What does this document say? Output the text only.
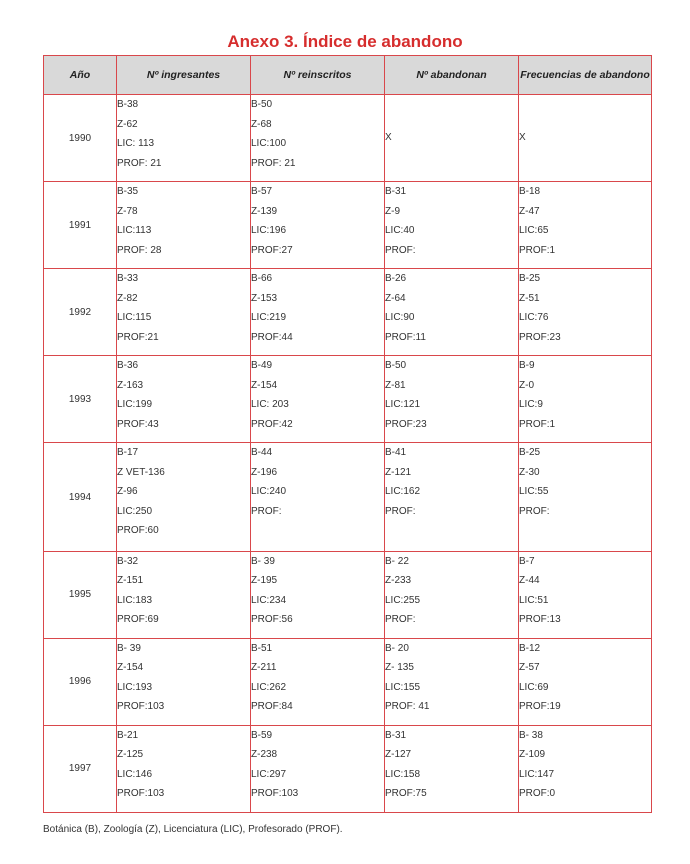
Anexo 3. Índice de abandono
Año	Nº ingresantes	Nº reinscritos	Nº abandonan	Frecuencias de abandono
1990	B-38
Z-62
LIC: 113
PROF: 21	B-50
Z-68
LIC:100
PROF: 21	X	X

1991	B-35
Z-78
LIC:113
PROF: 28	B-57
Z-139
LIC:196
PROF:27	B-31
Z-9
LIC:40
PROF:	B-18
Z-47
LIC:65
PROF:1

1992	B-33
Z-82
LIC:115
PROF:21	B-66
Z-153
LIC:219
PROF:44	B-26
Z-64
LIC:90
PROF:11	B-25
Z-51
LIC:76
PROF:23

1993	B-36
Z-163
LIC:199
PROF:43	B-49
Z-154
LIC: 203
PROF:42	B-50
Z-81
LIC:121
PROF:23	B-9
Z-0
LIC:9
PROF:1

1994	B-17
Z VET-136
Z-96
LIC:250
PROF:60	B-44
Z-196
LIC:240
PROF:	B-41
Z-121
LIC:162
PROF:	B-25
Z-30
LIC:55
PROF:

1995	B-32
Z-151
LIC:183
PROF:69	B- 39
Z-195
LIC:234
PROF:56	B- 22
Z-233
LIC:255
PROF:	B-7
Z-44
LIC:51
PROF:13

1996	B- 39
Z-154
LIC:193
PROF:103	B-51
Z-211
LIC:262
PROF:84	B- 20
Z- 135
LIC:155
PROF: 41	B-12
Z-57
LIC:69
PROF:19

1997	B-21
Z-125
LIC:146
PROF:103	B-59
Z-238
LIC:297
PROF:103	B-31
Z-127
LIC:158
PROF:75	B- 38
Z-109
LIC:147
PROF:0
Botánica (B), Zoología (Z), Licenciatura (LIC), Profesorado (PROF).
